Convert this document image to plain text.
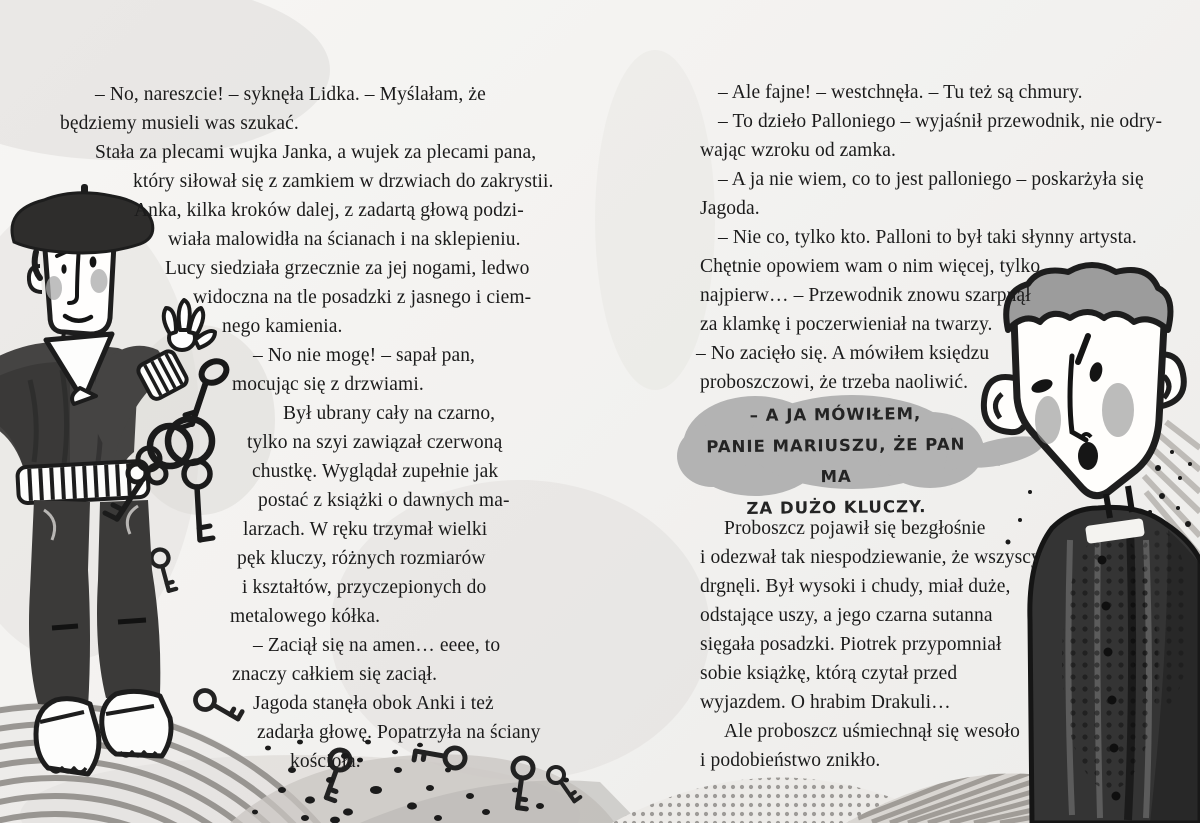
– No, nareszcie! – syknęła Lidka. – Myślałam, że
będziemy musieli was szukać.
Stała za plecami wujka Janka, a wujek za plecami pana,
który siłował się z zamkiem w drzwiach do zakrystii.
Anka, kilka kroków dalej, z zadartą głową podzi-
wiała malowidła na ścianach i na sklepieniu.
Lucy siedziała grzecznie za jej nogami, ledwo
widoczna na tle posadzki z jasnego i ciem-
nego kamienia.
– No nie mogę! – sapał pan,
mocując się z drzwiami.
Był ubrany cały na czarno,
tylko na szyi zawiązał czerwoną
chustkę. Wyglądał zupełnie jak
postać z książki o dawnych ma-
larzach. W ręku trzymał wielki
pęk kluczy, różnych rozmiarów
i kształtów, przyczepionych do
metalowego kółka.
– Zaciął się na amen… eeee, to
znaczy całkiem się zaciął.
Jagoda stanęła obok Anki i też
zadarła głowę. Popatrzyła na ściany
kościoła.
– Ale fajne! – westchnęła. – Tu też są chmury.
– To dzieło Palloniego – wyjaśnił przewodnik, nie odry-
wając wzroku od zamka.
– A ja nie wiem, co to jest palloniego – poskarżyła się
Jagoda.
– Nie co, tylko kto. Palloni to był taki słynny artysta.
Chętnie opowiem wam o nim więcej, tylko
najpierw… – Przewodnik znowu szarpnął
za klamkę i poczerwieniał na twarzy.
– No zacięło się. A mówiłem księdzu
proboszczowi, że trzeba naoliwić.
– A JA MÓWIŁEM,
PANIE MARIUSZU, ŻE PAN MA
ZA DUŻO KLUCZY.
Proboszcz pojawił się bezgłośnie
i odezwał tak niespodziewanie, że wszyscy
drgnęli. Był wysoki i chudy, miał duże,
odstające uszy, a jego czarna sutanna
sięgała posadzki. Piotrek przypomniał
sobie książkę, którą czytał przed
wyjazdem. O hrabim Drakuli…
Ale proboszcz uśmiechnął się wesoło
i podobieństwo znikło.
